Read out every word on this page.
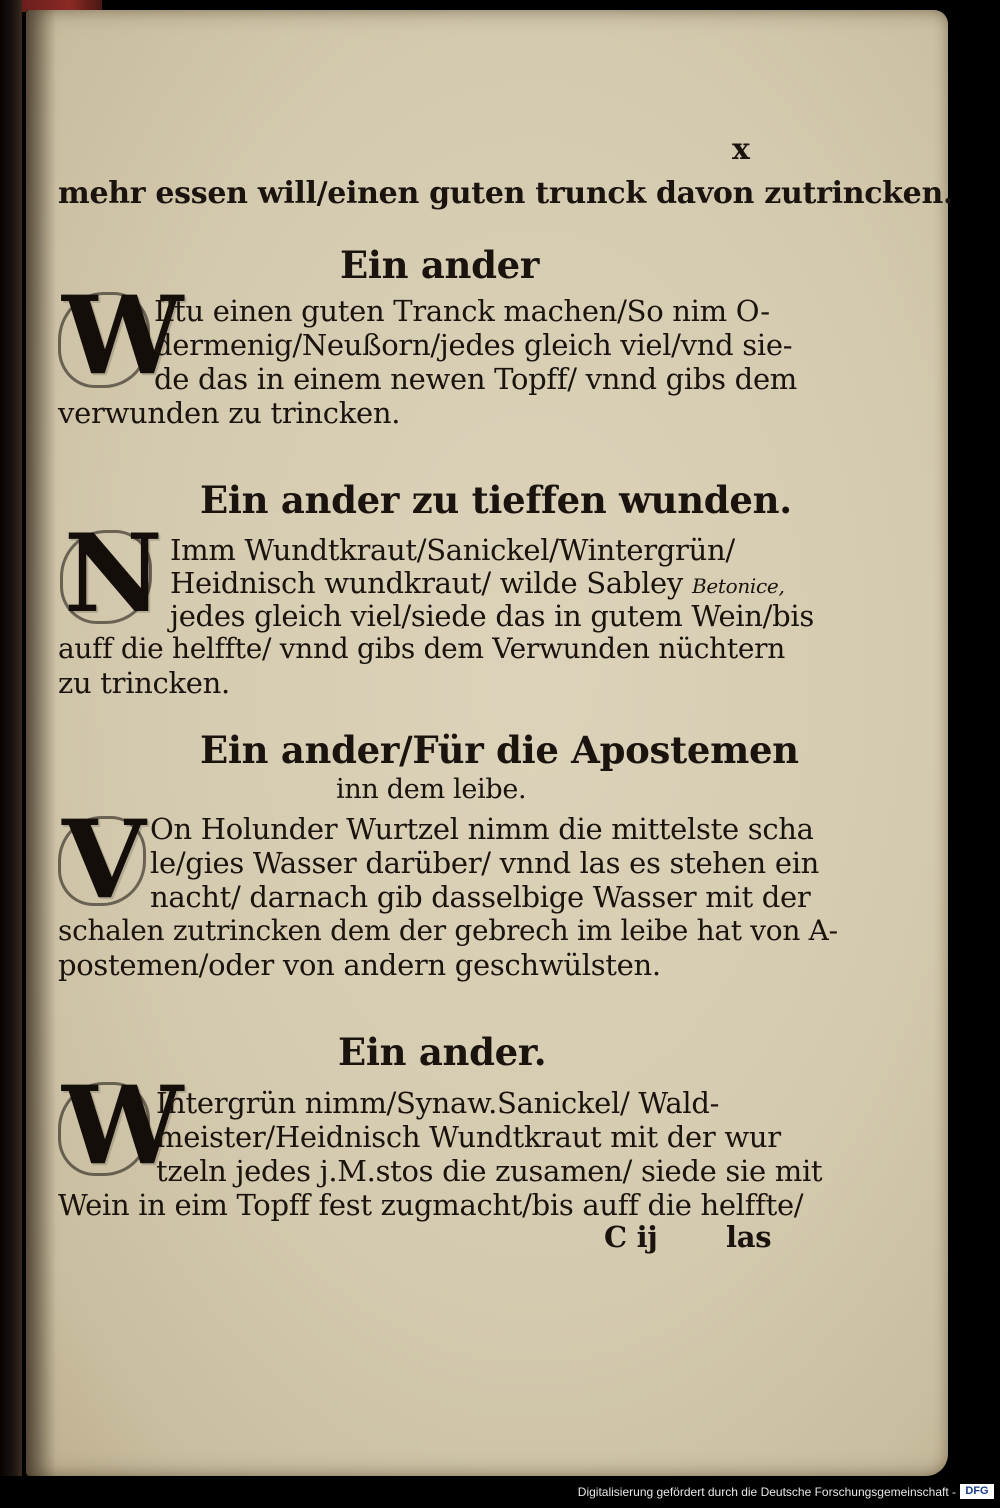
x
mehr essen will/einen guten trunck davon zutrincken.
Ein ander
W
Iltu einen guten Tranck machen/So nim O-
dermenig/Neußorn/jedes gleich viel/vnd sie-
de das in einem newen Topff/ vnnd gibs dem
verwunden zu trincken.
Ein ander zu tieffen wunden.
N Imm Wundtkraut/Sanickel/Wintergrün/
Heidnisch wundkraut/ wilde Sabley Betonice,
jedes gleich viel/siede das in gutem Wein/bis
auff die helffte/ vnnd gibs dem Verwunden nüchtern
zu trincken.
Ein ander/Für die Apostemen
inn dem leibe.
V On Holunder Wurtzel nimm die mittelste scha
le/gies Wasser darüber/ vnnd las es stehen ein
nacht/ darnach gib dasselbige Wasser mit der
schalen zutrincken dem der gebrech im leibe hat von A-
postemen/oder von andern geschwülsten.
Ein ander.
W
Intergrün nimm/Synaw.Sanickel/ Wald-
meister/Heidnisch Wundtkraut mit der wur
tzeln jedes j.M.stos die zusamen/ siede sie mit
Wein in eim Topff fest zugmacht/bis auff die helffte/
C ij las
Digitalisierung gefördert durch die Deutsche Forschungsgemeinschaft - DFG
